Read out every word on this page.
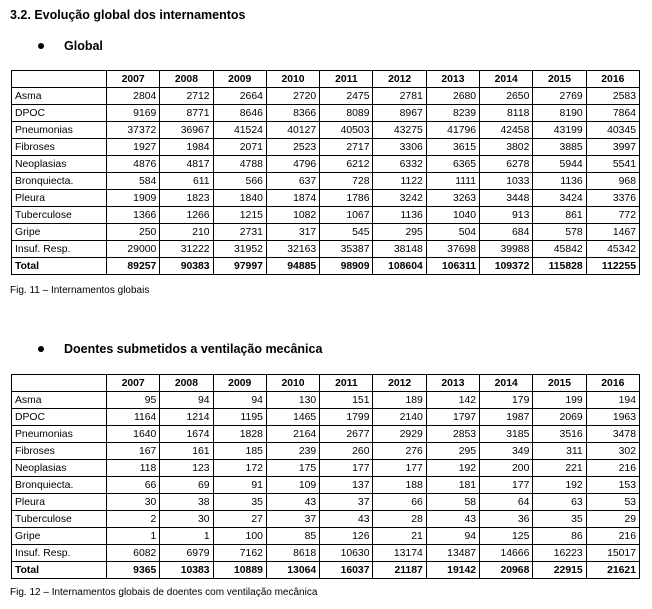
3.2. Evolução global dos internamentos
Global
	2007	2008	2009	2010	2011	2012	2013	2014	2015	2016
Asma	2804	2712	2664	2720	2475	2781	2680	2650	2769	2583
DPOC	9169	8771	8646	8366	8089	8967	8239	8118	8190	7864
Pneumonias	37372	36967	41524	40127	40503	43275	41796	42458	43199	40345
Fibroses	1927	1984	2071	2523	2717	3306	3615	3802	3885	3997
Neoplasias	4876	4817	4788	4796	6212	6332	6365	6278	5944	5541
Bronquiecta.	584	611	566	637	728	1122	1111	1033	1136	968
Pleura	1909	1823	1840	1874	1786	3242	3263	3448	3424	3376
Tuberculose	1366	1266	1215	1082	1067	1136	1040	913	861	772
Gripe	250	210	2731	317	545	295	504	684	578	1467
Insuf. Resp.	29000	31222	31952	32163	35387	38148	37698	39988	45842	45342
Total	89257	90383	97997	94885	98909	108604	106311	109372	115828	112255
Fig. 11 – Internamentos globais
Doentes submetidos a ventilação mecânica
	2007	2008	2009	2010	2011	2012	2013	2014	2015	2016
Asma	95	94	94	130	151	189	142	179	199	194
DPOC	1164	1214	1195	1465	1799	2140	1797	1987	2069	1963
Pneumonias	1640	1674	1828	2164	2677	2929	2853	3185	3516	3478
Fibroses	167	161	185	239	260	276	295	349	311	302
Neoplasias	118	123	172	175	177	177	192	200	221	216
Bronquiecta.	66	69	91	109	137	188	181	177	192	153
Pleura	30	38	35	43	37	66	58	64	63	53
Tuberculose	2	30	27	37	43	28	43	36	35	29
Gripe	1	1	100	85	126	21	94	125	86	216
Insuf. Resp.	6082	6979	7162	8618	10630	13174	13487	14666	16223	15017
Total	9365	10383	10889	13064	16037	21187	19142	20968	22915	21621
Fig. 12 – Internamentos globais de doentes com ventilação mecânica
